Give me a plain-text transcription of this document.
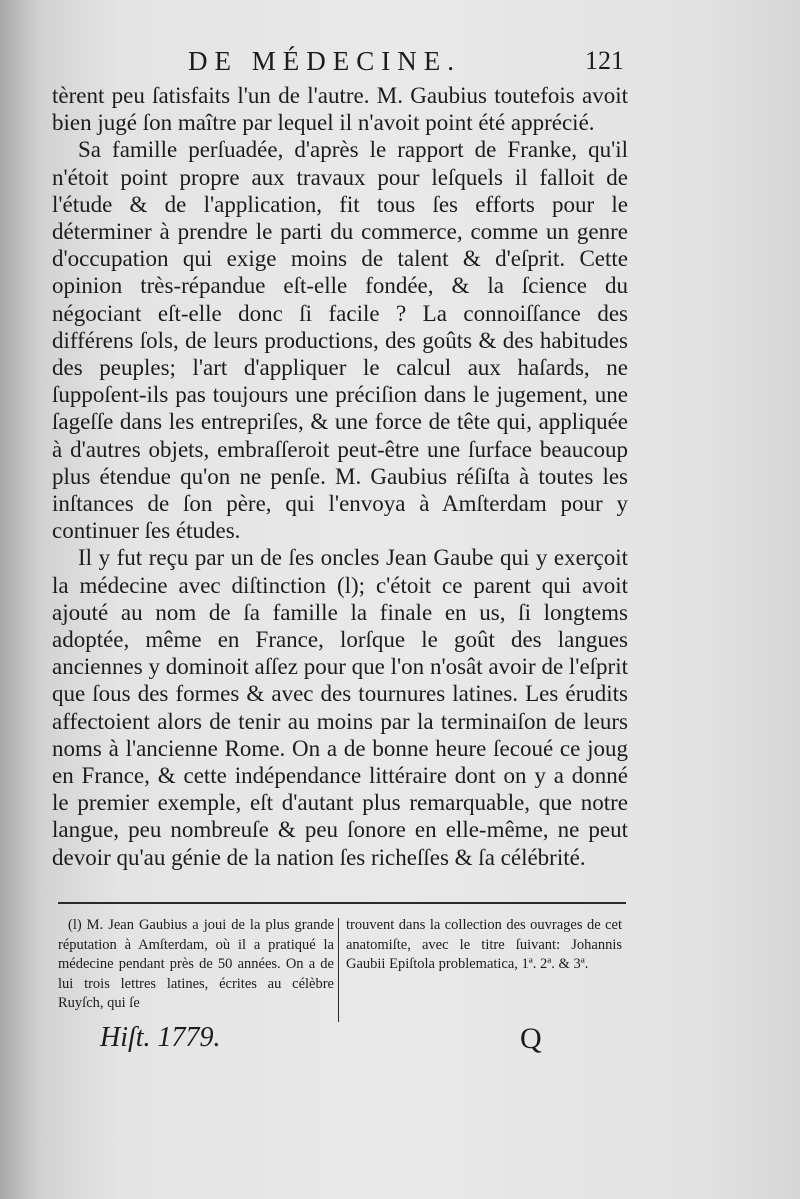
DE MÉDECINE.	121

tèrent peu ſatisfaits l'un de l'autre. M. Gaubius toutefois avoit bien jugé ſon maître par lequel il n'avoit point été apprécié.

Sa famille perſuadée, d'après le rapport de Franke, qu'il n'étoit point propre aux travaux pour leſquels il falloit de l'étude & de l'application, fit tous ſes efforts pour le déterminer à prendre le parti du commerce, comme un genre d'occupation qui exige moins de talent & d'eſprit. Cette opinion très-répandue eſt-elle fondée, & la ſcience du négociant eſt-elle donc ſi facile ? La connoiſſance des différens ſols, de leurs productions, des goûts & des habitudes des peuples; l'art d'appliquer le calcul aux haſards, ne ſuppoſent-ils pas toujours une préciſion dans le jugement, une ſageſſe dans les entrepriſes, & une force de tête qui, appliquée à d'autres objets, embraſſeroit peut-être une ſurface beaucoup plus étendue qu'on ne penſe. M. Gaubius réſiſta à toutes les inſtances de ſon père, qui l'envoya à Amſterdam pour y continuer ſes études.

Il y fut reçu par un de ſes oncles Jean Gaube qui y exerçoit la médecine avec diſtinction (l); c'étoit ce parent qui avoit ajouté au nom de ſa famille la finale en us, ſi longtems adoptée, même en France, lorſque le goût des langues anciennes y dominoit aſſez pour que l'on n'osât avoir de l'eſprit que ſous des formes & avec des tournures latines. Les érudits affectoient alors de tenir au moins par la terminaiſon de leurs noms à l'ancienne Rome. On a de bonne heure ſecoué ce joug en France, & cette indépendance littéraire dont on y a donné le premier exemple, eſt d'autant plus remarquable, que notre langue, peu nombreuſe & peu ſonore en elle-même, ne peut devoir qu'au génie de la nation ſes richeſſes & ſa célébrité.

(l) M. Jean Gaubius a joui de la plus grande réputation à Amſterdam, où il a pratiqué la médecine pendant près de 50 années. On a de lui trois lettres latines, écrites au célèbre Ruyſch, qui ſe

trouvent dans la collection des ouvrages de cet anatomiſte, avec le titre ſuivant: Johannis Gaubii Epiſtola problematica, 1ª. 2ª. & 3ª.

Hiſt. 1779.	Q
